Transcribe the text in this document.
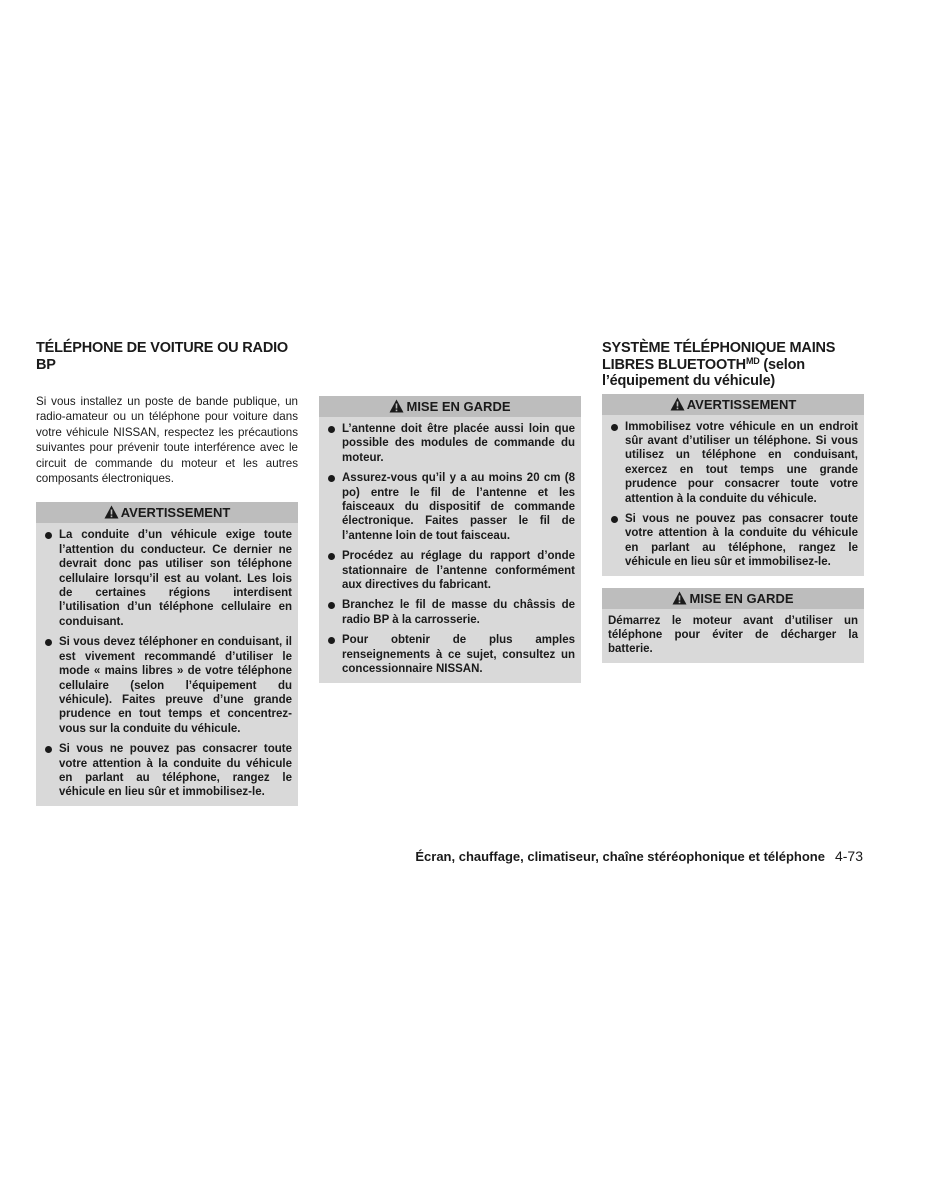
TÉLÉPHONE DE VOITURE OU RADIO BP

Si vous installez un poste de bande publique, un radio-amateur ou un téléphone pour voiture dans votre véhicule NISSAN, respectez les précautions suivantes pour prévenir toute interférence avec le circuit de commande du moteur et les autres composants électroniques.

AVERTISSEMENT
La conduite d’un véhicule exige toute l’attention du conducteur. Ce dernier ne devrait donc pas utiliser son téléphone cellulaire lorsqu’il est au volant. Les lois de certaines régions interdisent l’utilisation d’un téléphone cellulaire en conduisant.
Si vous devez téléphoner en conduisant, il est vivement recommandé d’utiliser le mode « mains libres » de votre téléphone cellulaire (selon l’équipement du véhicule). Faites preuve d’une grande prudence en tout temps et concentrez-vous sur la conduite du véhicule.
Si vous ne pouvez pas consacrer toute votre attention à la conduite du véhicule en parlant au téléphone, rangez le véhicule en lieu sûr et immobilisez-le.
MISE EN GARDE
L’antenne doit être placée aussi loin que possible des modules de commande du moteur.
Assurez-vous qu’il y a au moins 20 cm (8 po) entre le fil de l’antenne et les faisceaux du dispositif de commande électronique. Faites passer le fil de l’antenne loin de tout faisceau.
Procédez au réglage du rapport d’onde stationnaire de l’antenne conformément aux directives du fabricant.
Branchez le fil de masse du châssis de radio BP à la carrosserie.
Pour obtenir de plus amples renseignements à ce sujet, consultez un concessionnaire NISSAN.
SYSTÈME TÉLÉPHONIQUE MAINS LIBRES $BLUETOOTH^{MD}$ (selon l’équipement du véhicule)
AVERTISSEMENT
Immobilisez votre véhicule en un endroit sûr avant d’utiliser un téléphone. Si vous utilisez un téléphone en conduisant, exercez en tout temps une grande prudence pour consacrer toute votre attention à la conduite du véhicule.
Si vous ne pouvez pas consacrer toute votre attention à la conduite du véhicule en parlant au téléphone, rangez le véhicule en lieu sûr et immobilisez-le.
MISE EN GARDE

Démarrez le moteur avant d’utiliser un téléphone pour éviter de décharger la batterie.

Écran, chauffage, climatiseur, chaîne stéréophonique et téléphone 4-73
